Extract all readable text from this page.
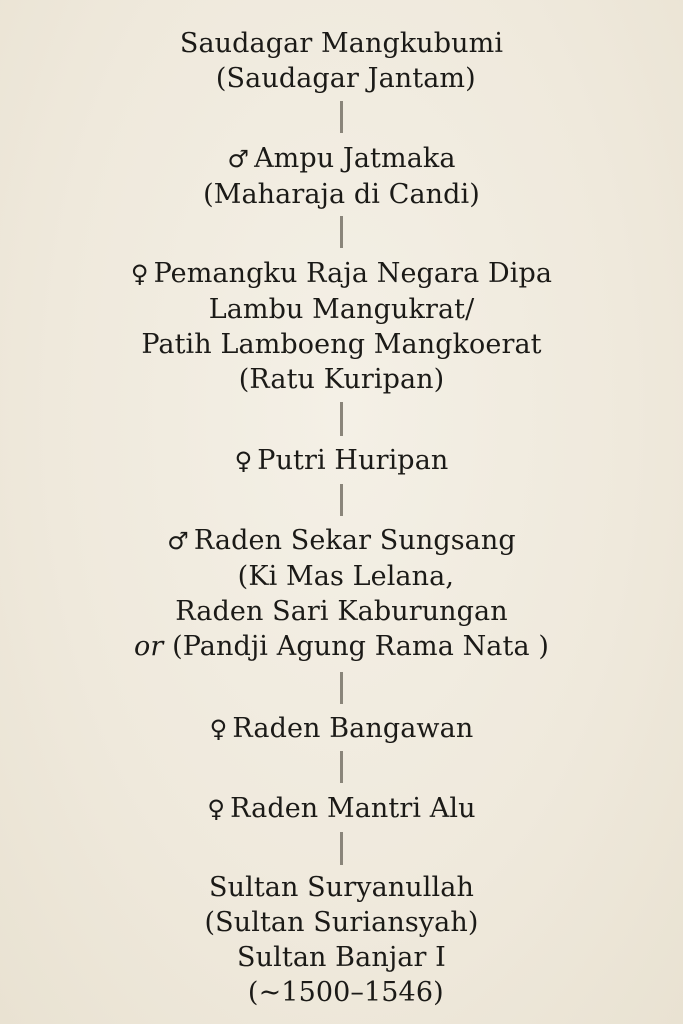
Saudagar Mangkubumi
(Saudagar Jantam)
♂ Ampu Jatmaka
(Maharaja di Candi)
♀ Pemangku Raja Negara Dipa
Lambu Mangukrat/
Patih Lamboeng Mangkoerat
(Ratu Kuripan)
♀ Putri Huripan
♂ Raden Sekar Sungsang
(Ki Mas Lelana,
Raden Sari Kaburungan
or (Pandji Agung Rama Nata )
♀ Raden Bangawan
♀ Raden Mantri Alu
Sultan Suryanullah
(Sultan Suriansyah)
Sultan Banjar I
(~1500–1546)
